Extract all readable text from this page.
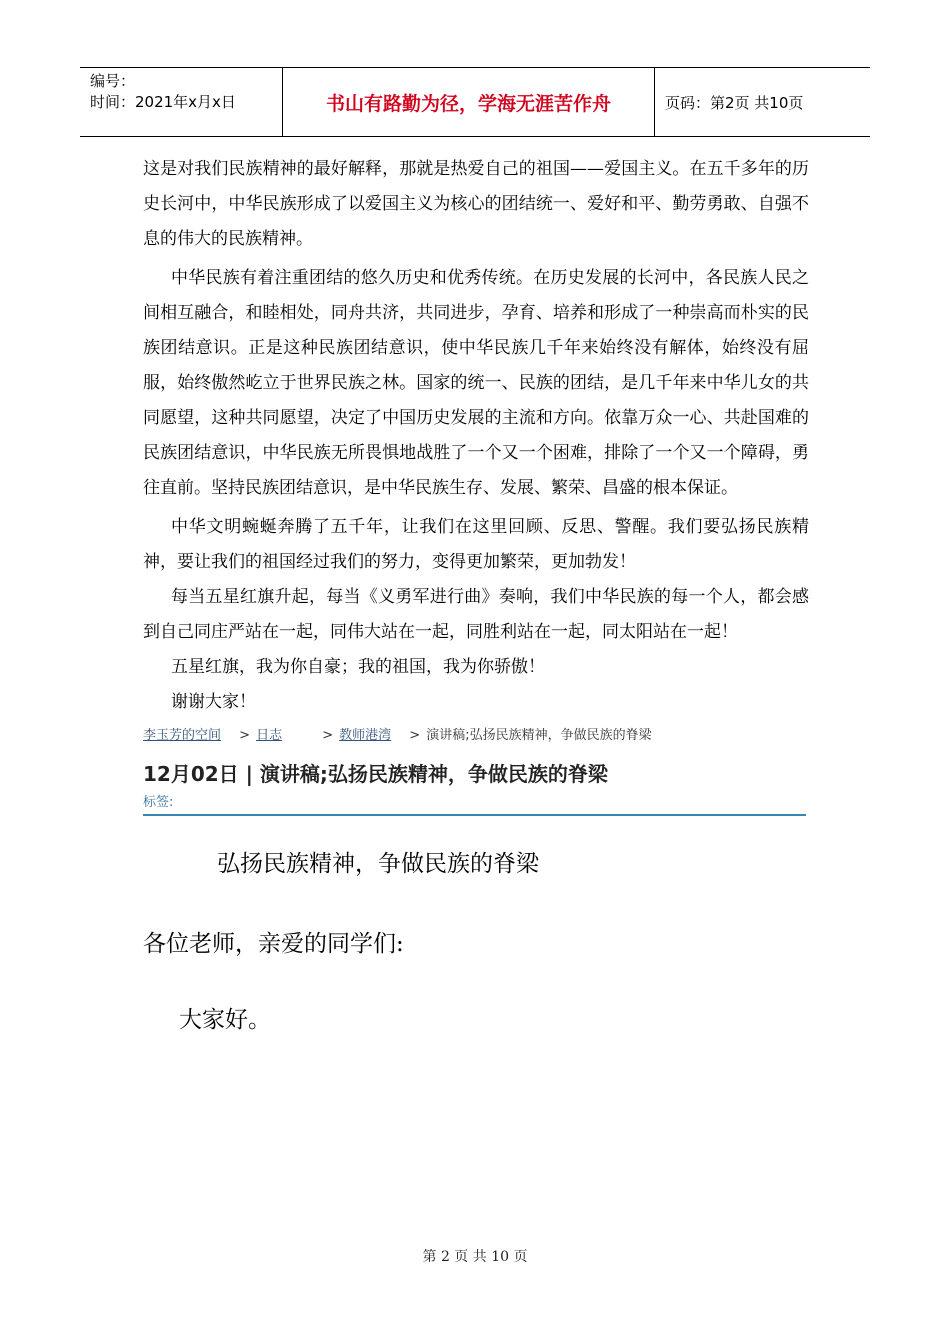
编号：
时间：2021年x月x日	书山有路勤为径，学海无涯苦作舟	页码：第2页 共10页

这是对我们民族精神的最好解释，那就是热爱自己的祖国——爱国主义。在五千多年的历史长河中，中华民族形成了以爱国主义为核心的团结统一、爱好和平、勤劳勇敢、自强不息的伟大的民族精神。

中华民族有着注重团结的悠久历史和优秀传统。在历史发展的长河中，各民族人民之间相互融合，和睦相处，同舟共济，共同进步，孕育、培养和形成了一种崇高而朴实的民族团结意识。正是这种民族团结意识，使中华民族几千年来始终没有解体，始终没有屈服，始终傲然屹立于世界民族之林。国家的统一、民族的团结，是几千年来中华儿女的共同愿望，这种共同愿望，决定了中国历史发展的主流和方向。依靠万众一心、共赴国难的民族团结意识，中华民族无所畏惧地战胜了一个又一个困难，排除了一个又一个障碍，勇往直前。坚持民族团结意识，是中华民族生存、发展、繁荣、昌盛的根本保证。

中华文明蜿蜒奔腾了五千年，让我们在这里回顾、反思、警醒。我们要弘扬民族精神，要让我们的祖国经过我们的努力，变得更加繁荣，更加勃发！

每当五星红旗升起，每当《义勇军进行曲》奏响，我们中华民族的每一个人，都会感到自己同庄严站在一起，同伟大站在一起，同胜利站在一起，同太阳站在一起！

五星红旗，我为你自豪；我的祖国，我为你骄傲！

谢谢大家！

李玉芳的空间 > 日志	> 教师港湾 > 演讲稿;弘扬民族精神，争做民族的脊梁
12月02日 | 演讲稿;弘扬民族精神，争做民族的脊梁
标签:
弘扬民族精神，争做民族的脊梁
各位老师，亲爱的同学们:
大家好。
第 2 页 共 10 页
